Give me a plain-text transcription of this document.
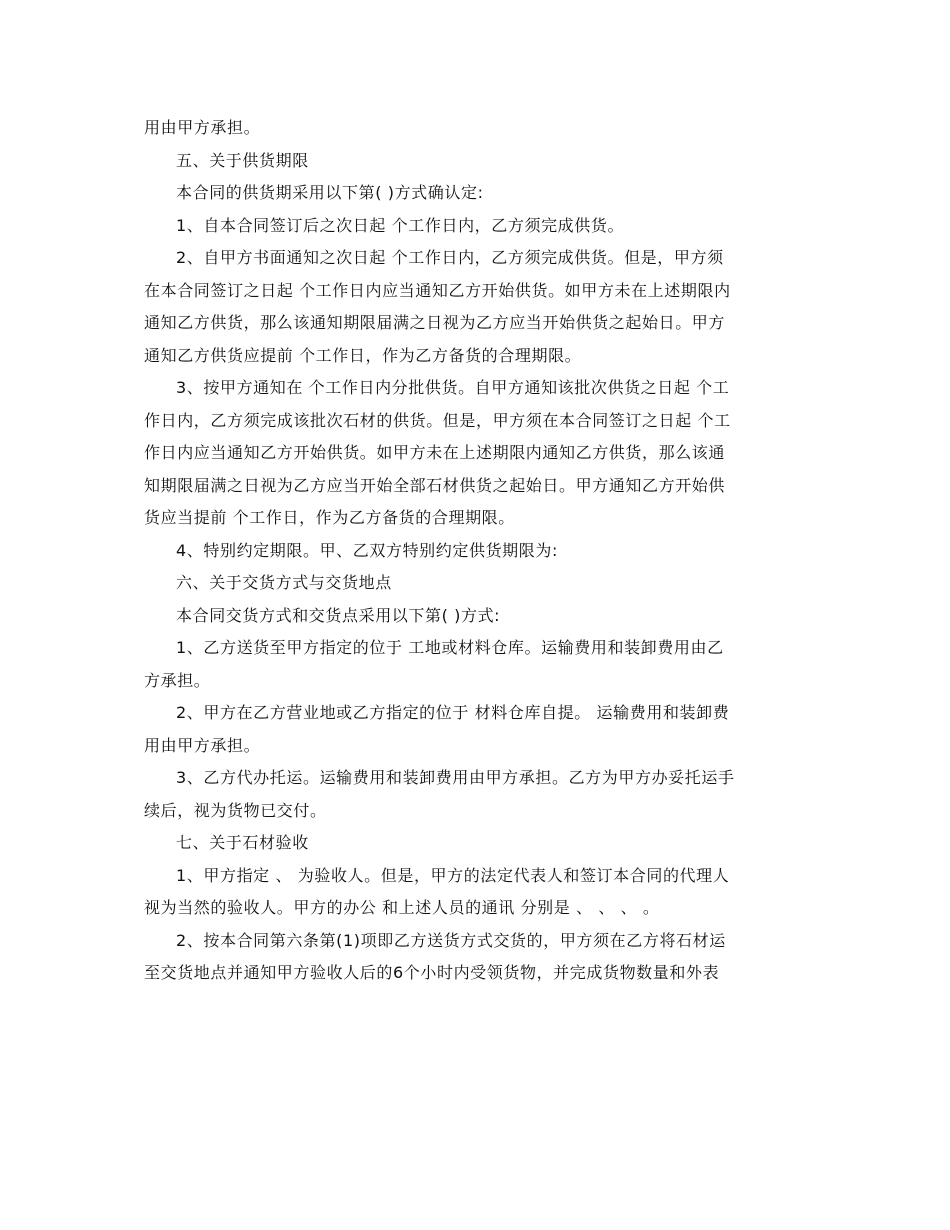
用由甲方承担。
五、关于供货期限
本合同的供货期采用以下第( )方式确认定:
1、自本合同签订后之次日起 个工作日内，乙方须完成供货。
2、自甲方书面通知之次日起 个工作日内，乙方须完成供货。但是，甲方须
在本合同签订之日起 个工作日内应当通知乙方开始供货。如甲方未在上述期限内
通知乙方供货，那么该通知期限届满之日视为乙方应当开始供货之起始日。甲方
通知乙方供货应提前 个工作日，作为乙方备货的合理期限。
3、按甲方通知在 个工作日内分批供货。自甲方通知该批次供货之日起 个工
作日内，乙方须完成该批次石材的供货。但是，甲方须在本合同签订之日起 个工
作日内应当通知乙方开始供货。如甲方未在上述期限内通知乙方供货，那么该通
知期限届满之日视为乙方应当开始全部石材供货之起始日。甲方通知乙方开始供
货应当提前 个工作日，作为乙方备货的合理期限。
4、特别约定期限。甲、乙双方特别约定供货期限为:
六、关于交货方式与交货地点
本合同交货方式和交货点采用以下第( )方式:
1、乙方送货至甲方指定的位于 工地或材料仓库。运输费用和装卸费用由乙
方承担。
2、甲方在乙方营业地或乙方指定的位于 材料仓库自提。 运输费用和装卸费
用由甲方承担。
3、乙方代办托运。运输费用和装卸费用由甲方承担。乙方为甲方办妥托运手
续后，视为货物已交付。
七、关于石材验收
1、甲方指定 、 为验收人。但是，甲方的法定代表人和签订本合同的代理人
视为当然的验收人。甲方的办公 和上述人员的通讯 分别是 、 、 、 。
2、按本合同第六条第(1)项即乙方送货方式交货的，甲方须在乙方将石材运
至交货地点并通知甲方验收人后的6个小时内受领货物，并完成货物数量和外表
